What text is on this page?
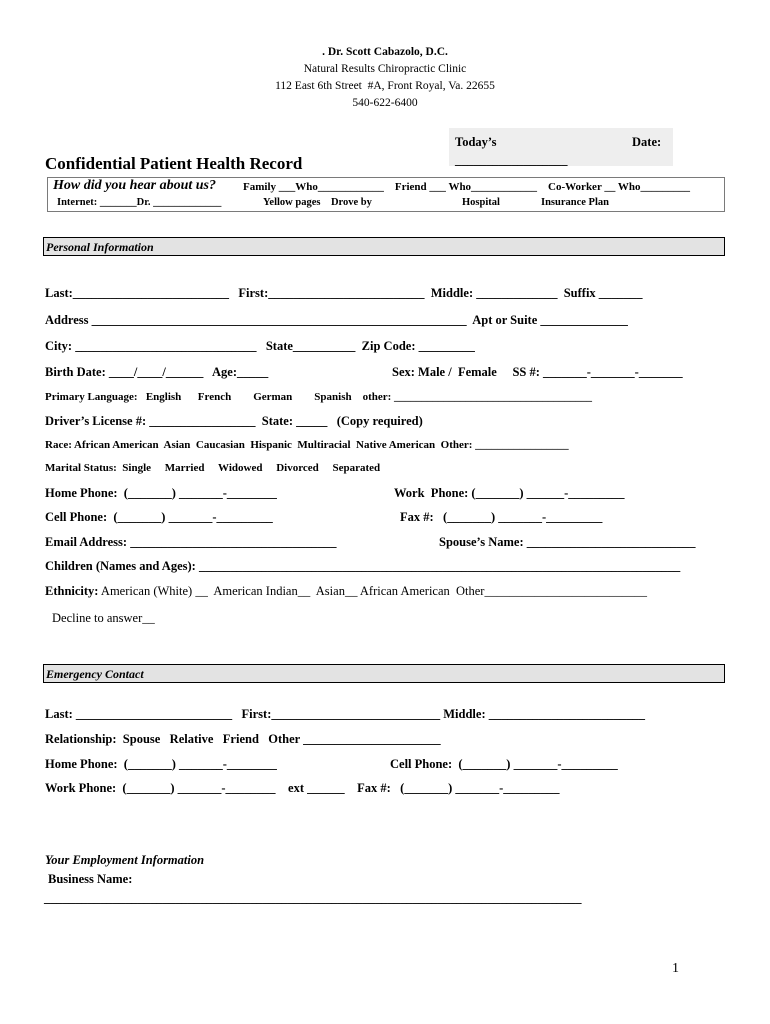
. Dr. Scott Cabazolo, D.C.
Natural Results Chiropractic Clinic
112 East 6th Street  #A, Front Royal, Va. 22655
540-622-6400
Today’s	Date:
__________________
Confidential Patient Health Record
How did you hear about us? Family ___Who____________    Friend ___ Who____________    Co-Worker __ Who_________
Internet: _______Dr. _____________	Yellow pages    Drove by	Hospital	Insurance Plan
Personal Information
Last:_________________________   First:_________________________  Middle: _____________  Suffix _______
Address ____________________________________________________________  Apt or Suite ______________
City: _____________________________   State__________  Zip Code: _________
Birth Date: ____/____/______   Age:_____	Sex: Male /  Female     SS #: _______-_______-_______
Primary Language:   English      French        German        Spanish    other: ____________________________________
Driver’s License #: _________________  State: _____   (Copy required)
Race: African American  Asian  Caucasian  Hispanic  Multiracial  Native American  Other: _________________
Marital Status:  Single     Married     Widowed     Divorced     Separated
Home Phone:  (_______) _______-________	Work  Phone: (_______) ______-_________
Cell Phone:  (_______) _______-_________	Fax #:   (_______) _______-_________
Email Address: _________________________________	Spouse’s Name: ___________________________
Children (Names and Ages): _____________________________________________________________________________
Ethnicity: American (White) __  American Indian__  Asian__ African American  Other__________________________
Decline to answer__
Emergency Contact
Last: _________________________   First:___________________________ Middle: _________________________
Relationship:  Spouse   Relative   Friend   Other ______________________
Home Phone:  (_______) _______-________	Cell Phone:  (_______) _______-_________
Work Phone:  (_______) _______-________    ext ______    Fax #:   (_______) _______-_________
Your Employment Information
Business Name:
______________________________________________________________________________________
1
